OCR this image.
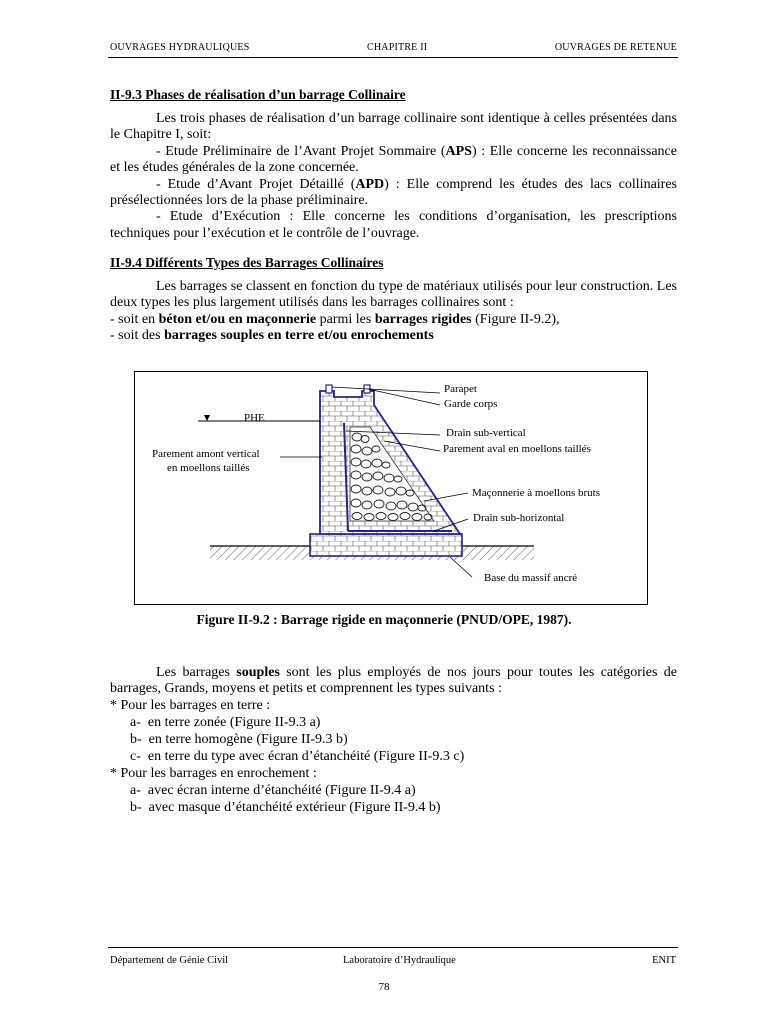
OUVRAGES HYDRAULIQUES	CHAPITRE II	OUVRAGES DE RETENUE
II-9.3 Phases de réalisation d’un barrage Collinaire

Les trois phases de réalisation d’un barrage collinaire sont identique à celles présentées dans le Chapitre I, soit:

- Etude Préliminaire de l’Avant Projet Sommaire (APS) : Elle concerne les reconnaissance et les études générales de la zone concernée.

- Etude d’Avant Projet Détaillé (APD) : Elle comprend les études des lacs collinaires présélectionnées lors de la phase préliminaire.

- Etude d’Exécution : Elle concerne les conditions d’organisation, les prescriptions techniques pour l’exécution et le contrôle de l’ouvrage.

II-9.4 Différents Types des Barrages Collinaires

Les barrages se classent en fonction du type de matériaux utilisés pour leur construction. Les deux types les plus largement utilisés dans les barrages collinaires sont :

- soit en béton et/ou en maçonnerie parmi les barrages rigides (Figure II-9.2),

- soit des barrages souples en terre et/ou enrochements

Parapet
Garde corps
PHE
Drain sub-vertical
Parement aval en moellons taillés
Parement amont vertical
en moellons taillés
Maçonnerie à moellons bruts
Drain sub-horizontal
Base du massif ancré
Figure II-9.2 : Barrage rigide en maçonnerie (PNUD/OPE, 1987).

Les barrages souples sont les plus employés de nos jours pour toutes les catégories de barrages, Grands, moyens et petits et comprennent les types suivants :

* Pour les barrages en terre :
a- en terre zonée (Figure II-9.3 a)
b- en terre homogène (Figure II-9.3 b)
c- en terre du type avec écran d’étanchéité (Figure II-9.3 c)
* Pour les barrages en enrochement :
a- avec écran interne d’étanchéité (Figure II-9.4 a)
b- avec masque d’étanchéité extérieur (Figure II-9.4 b)
Département de Génie Civil	Laboratoire d’Hydraulique	ENIT
78
